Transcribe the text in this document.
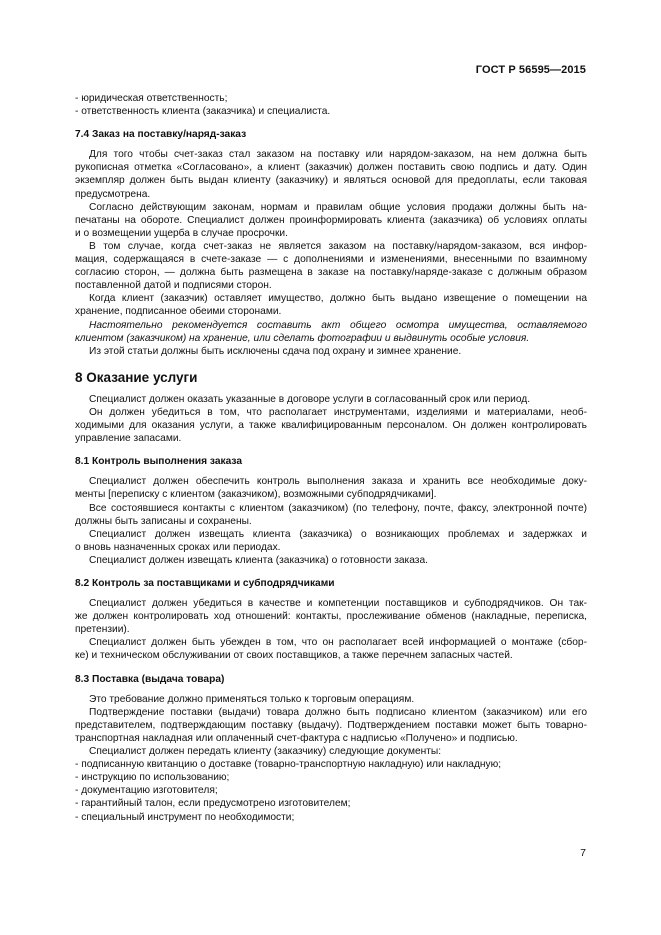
ГОСТ Р 56595—2015
- юридическая ответственность;
- ответственность клиента (заказчика) и специалиста.
7.4 Заказ на поставку/наряд-заказ
Для того чтобы счет-заказ стал заказом на поставку или нарядом-заказом, на нем должна быть
рукописная отметка «Согласовано», а клиент (заказчик) должен поставить свою подпись и дату. Один
экземпляр должен быть выдан клиенту (заказчику) и являться основой для предоплаты, если таковая
предусмотрена.
Согласно действующим законам, нормам и правилам общие условия продажи должны быть на-
печатаны на обороте. Специалист должен проинформировать клиента (заказчика) об условиях оплаты
и о возмещении ущерба в случае просрочки.
В том случае, когда счет-заказ не является заказом на поставку/нарядом-заказом, вся инфор-
мация, содержащаяся в счете-заказе — с дополнениями и изменениями, внесенными по взаимному
согласию сторон, — должна быть размещена в заказе на поставку/наряде-заказе с должным образом
поставленной датой и подписями сторон.
Когда клиент (заказчик) оставляет имущество, должно быть выдано извещение о помещении на
хранение, подписанное обеими сторонами.
Настоятельно рекомендуется составить акт общего осмотра имущества, оставляемого
клиентом (заказчиком) на хранение, или сделать фотографии и выдвинуть особые условия.
Из этой статьи должны быть исключены сдача под охрану и зимнее хранение.
8 Оказание услуги
Специалист должен оказать указанные в договоре услуги в согласованный срок или период.
Он должен убедиться в том, что располагает инструментами, изделиями и материалами, необ-
ходимыми для оказания услуги, а также квалифицированным персоналом. Он должен контролировать
управление запасами.
8.1 Контроль выполнения заказа
Специалист должен обеспечить контроль выполнения заказа и хранить все необходимые доку-
менты [переписку с клиентом (заказчиком), возможными субподрядчиками].
Все состоявшиеся контакты с клиентом (заказчиком) (по телефону, почте, факсу, электронной почте)
должны быть записаны и сохранены.
Специалист должен извещать клиента (заказчика) о возникающих проблемах и задержках и
о вновь назначенных сроках или периодах.
Специалист должен извещать клиента (заказчика) о готовности заказа.
8.2 Контроль за поставщиками и субподрядчиками
Специалист должен убедиться в качестве и компетенции поставщиков и субподрядчиков. Он так-
же должен контролировать ход отношений: контакты, прослеживание обменов (накладные, переписка,
претензии).
Специалист должен быть убежден в том, что он располагает всей информацией о монтаже (сбор-
ке) и техническом обслуживании от своих поставщиков, а также перечнем запасных частей.
8.3 Поставка (выдача товара)
Это требование должно применяться только к торговым операциям.
Подтверждение поставки (выдачи) товара должно быть подписано клиентом (заказчиком) или его
представителем, подтверждающим поставку (выдачу). Подтверждением поставки может быть товарно-
транспортная накладная или оплаченный счет-фактура с надписью «Получено» и подписью.
Специалист должен передать клиенту (заказчику) следующие документы:
- подписанную квитанцию о доставке (товарно-транспортную накладную) или накладную;
- инструкцию по использованию;
- документацию изготовителя;
- гарантийный талон, если предусмотрено изготовителем;
- специальный инструмент по необходимости;
7
